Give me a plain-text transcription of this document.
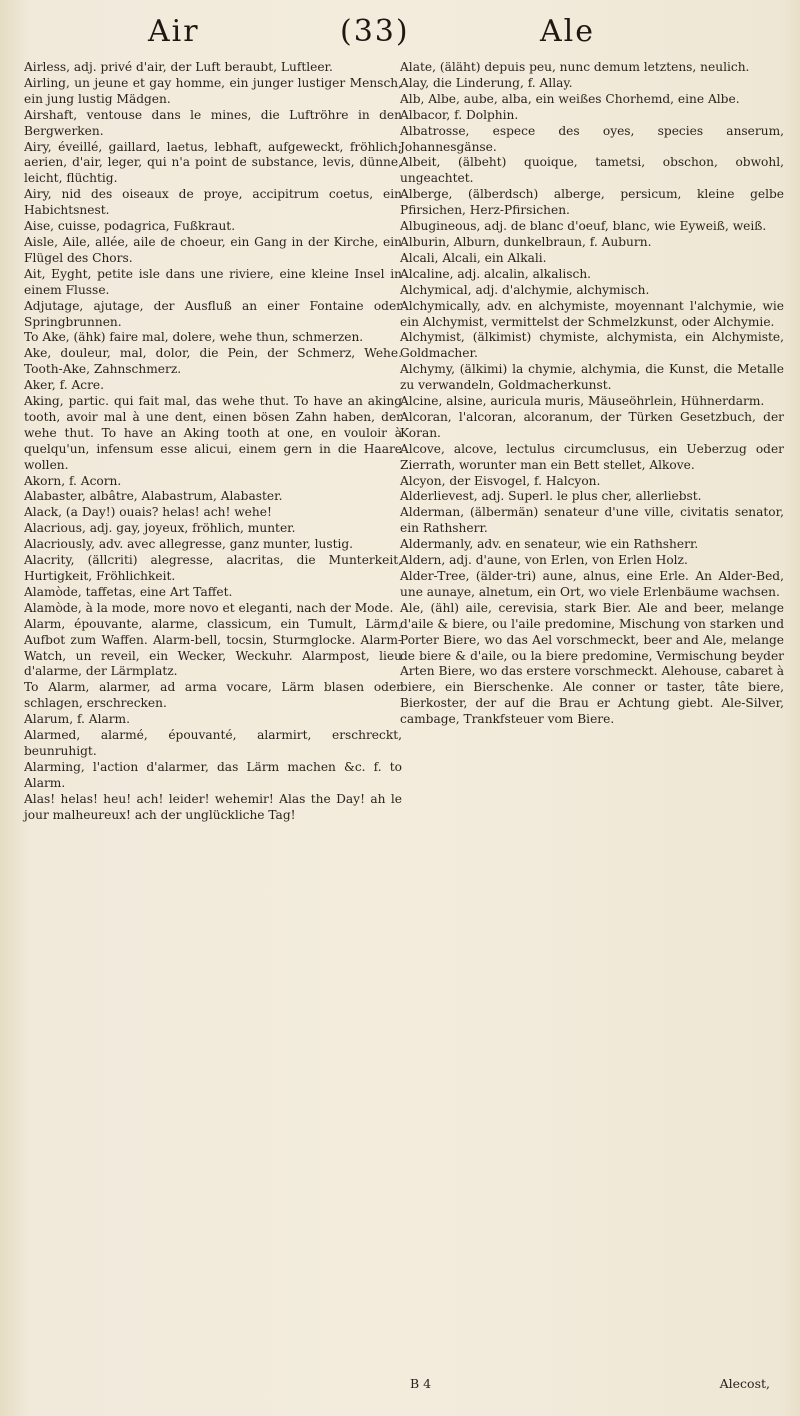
Air	(33)	Ale

Airless, adj. privé d'air, der Luft beraubt, Luftleer.

Airling, un jeune et gay homme, ein junger lustiger Mensch, ein jung lustig Mädgen.

Airshaft, ventouse dans le mines, die Luftröhre in den Bergwerken.

Airy, éveillé, gaillard, laetus, lebhaft, aufgeweckt, fröhlich; aerien, d'air, leger, qui n'a point de substance, levis, dünne, leicht, flüchtig.

Airy, nid des oiseaux de proye, accipitrum coetus, ein Habichtsnest.

Aise, cuisse, podagrica, Fußkraut.

Aisle, Aile, allée, aile de choeur, ein Gang in der Kirche, ein Flügel des Chors.

Ait, Eyght, petite isle dans une riviere, eine kleine Insel in einem Flusse.

Adjutage, ajutage, der Ausfluß an einer Fontaine oder Springbrunnen.

To Ake, (ähk) faire mal, dolere, wehe thun, schmerzen.

Ake, douleur, mal, dolor, die Pein, der Schmerz, Wehe. Tooth-Ake, Zahnschmerz.

Aker, f. Acre.

Aking, partic. qui fait mal, das wehe thut. To have an aking tooth, avoir mal à une dent, einen bösen Zahn haben, der wehe thut. To have an Aking tooth at one, en vouloir à quelqu'un, infensum esse alicui, einem gern in die Haare wollen.

Akorn, f. Acorn.

Alabaster, albâtre, Alabastrum, Alabaster.

Alack, (a Day!) ouais? helas! ach! wehe!

Alacrious, adj. gay, joyeux, fröhlich, munter.

Alacriously, adv. avec allegresse, ganz munter, lustig.

Alacrity, (ällcriti) alegresse, alacritas, die Munterkeit, Hurtigkeit, Fröhlichkeit.

Alamòde, taffetas, eine Art Taffet.

Alamòde, à la mode, more novo et eleganti, nach der Mode.

Alarm, épouvante, alarme, classicum, ein Tumult, Lärm, Aufbot zum Waffen. Alarm-bell, tocsin, Sturmglocke. Alarm-Watch, un reveil, ein Wecker, Weckuhr. Alarmpost, lieu d'alarme, der Lärmplatz.

To Alarm, alarmer, ad arma vocare, Lärm blasen oder schlagen, erschrecken.

Alarum, f. Alarm.

Alarmed, alarmé, épouvanté, alarmirt, erschreckt, beunruhigt.

Alarming, l'action d'alarmer, das Lärm machen &c. f. to Alarm.

Alas! helas! heu! ach! leider! wehemir! Alas the Day! ah le jour malheureux! ach der unglückliche Tag!

Alate, (äläht) depuis peu, nunc demum letztens, neulich.

Alay, die Linderung, f. Allay.

Alb, Albe, aube, alba, ein weißes Chorhemd, eine Albe.

Albacor, f. Dolphin.

Albatrosse, espece des oyes, species anserum, Johannesgänse.

Albeit, (älbeht) quoique, tametsi, obschon, obwohl, ungeachtet.

Alberge, (älberdsch) alberge, persicum, kleine gelbe Pfirsichen, Herz-Pfirsichen.

Albugineous, adj. de blanc d'oeuf, blanc, wie Eyweiß, weiß.

Alburin, Alburn, dunkelbraun, f. Auburn.

Alcali, Alcali, ein Alkali.

Alcaline, adj. alcalin, alkalisch.

Alchymical, adj. d'alchymie, alchymisch.

Alchymically, adv. en alchymiste, moyennant l'alchymie, wie ein Alchymist, vermittelst der Schmelzkunst, oder Alchymie.

Alchymist, (älkimist) chymiste, alchymista, ein Alchymiste, Goldmacher.

Alchymy, (älkimi) la chymie, alchymia, die Kunst, die Metalle zu verwandeln, Goldmacherkunst.

Alcine, alsine, auricula muris, Mäuseöhrlein, Hühnerdarm.

Alcoran, l'alcoran, alcoranum, der Türken Gesetzbuch, der Koran.

Alcove, alcove, lectulus circumclusus, ein Ueberzug oder Zierrath, worunter man ein Bett stellet, Alkove.

Alcyon, der Eisvogel, f. Halcyon.

Alderlievest, adj. Superl. le plus cher, allerliebst.

Alderman, (älbermän) senateur d'une ville, civitatis senator, ein Rathsherr.

Aldermanly, adv. en senateur, wie ein Rathsherr.

Aldern, adj. d'aune, von Erlen, von Erlen Holz.

Alder-Tree, (älder-tri) aune, alnus, eine Erle. An Alder-Bed, une aunaye, alnetum, ein Ort, wo viele Erlenbäume wachsen.

Ale, (ähl) aile, cerevisia, stark Bier. Ale and beer, melange d'aile & biere, ou l'aile predomine, Mischung von starken und Porter Biere, wo das Ael vorschmeckt, beer and Ale, melange de biere & d'aile, ou la biere predomine, Vermischung beyder Arten Biere, wo das erstere vorschmeckt. Alehouse, cabaret à biere, ein Bierschenke. Ale conner or taster, tâte biere, Bierkoster, der auf die Brau er Achtung giebt. Ale-Silver, cambage, Trankfsteuer vom Biere.

B 4	Alecost,
